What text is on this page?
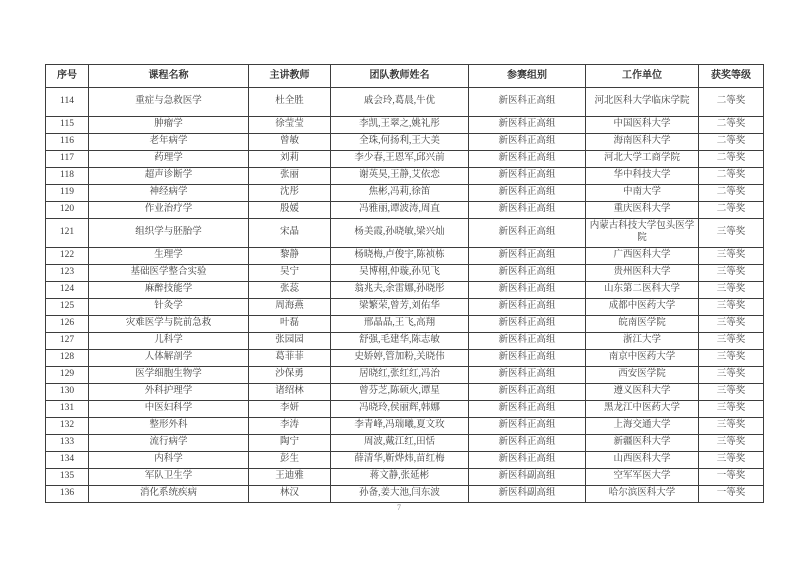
序号	课程名称	主讲教师	团队教师姓名	参赛组别	工作单位	获奖等级
114	重症与急救医学	杜全胜	戚会玲,葛晨,牛优	新医科正高组	河北医科大学临床学院	二等奖
115	肿瘤学	徐莹莹	李凯,王翠之,姚礼彤	新医科正高组	中国医科大学	二等奖
116	老年病学	曾敏	全珠,何扬利,王大美	新医科正高组	海南医科大学	二等奖
117	药理学	刘莉	李少春,王恩军,邱兴前	新医科正高组	河北大学工商学院	二等奖
118	超声诊断学	张丽	谢英昊,王静,艾依恋	新医科正高组	华中科技大学	二等奖
119	神经病学	沈彤	焦彬,冯莉,徐笛	新医科正高组	中南大学	二等奖
120	作业治疗学	殷媛	冯雅丽,谭波涛,周直	新医科正高组	重庆医科大学	二等奖
121	组织学与胚胎学	宋晶	杨美霞,孙晓敏,梁兴灿	新医科正高组	内蒙古科技大学包头医学院	三等奖
122	生理学	黎静	杨晓梅,卢俊宇,陈祯栋	新医科正高组	广西医科大学	三等奖
123	基础医学整合实验	吴宁	吴博栩,仲璇,孙见飞	新医科正高组	贵州医科大学	三等奖
124	麻醉技能学	张蕊	翁兆夫,余雷娜,孙晓彤	新医科正高组	山东第二医科大学	三等奖
125	针灸学	周海燕	梁繁荣,曾芳,刘佑华	新医科正高组	成都中医药大学	三等奖
126	灾难医学与院前急救	叶磊	邢晶晶,王飞,高翔	新医科正高组	皖南医学院	三等奖
127	儿科学	张园园	舒强,毛建华,陈志敏	新医科正高组	浙江大学	三等奖
128	人体解剖学	葛菲菲	史娇婷,管加粉,关晓伟	新医科正高组	南京中医药大学	三等奖
129	医学细胞生物学	沙保勇	居晓红,张红红,冯治	新医科正高组	西安医学院	三等奖
130	外科护理学	诸绍林	曾芬芝,陈硕火,谭星	新医科正高组	遵义医科大学	三等奖
131	中医妇科学	李妍	冯晓玲,侯丽辉,韩娜	新医科正高组	黑龙江中医药大学	三等奖
132	整形外科	李涛	李青峰,冯瑞曦,夏文玫	新医科正高组	上海交通大学	三等奖
133	流行病学	陶宁	周波,戴江红,田恬	新医科正高组	新疆医科大学	三等奖
134	内科学	彭生	薛清华,靳烨炜,苗红梅	新医科正高组	山西医科大学	三等奖
135	军队卫生学	王迪雅	蒋文静,张延彬	新医科副高组	空军军医大学	一等奖
136	消化系统疾病	林汉	孙备,姜大池,闫东波	新医科副高组	哈尔滨医科大学	一等奖
7
